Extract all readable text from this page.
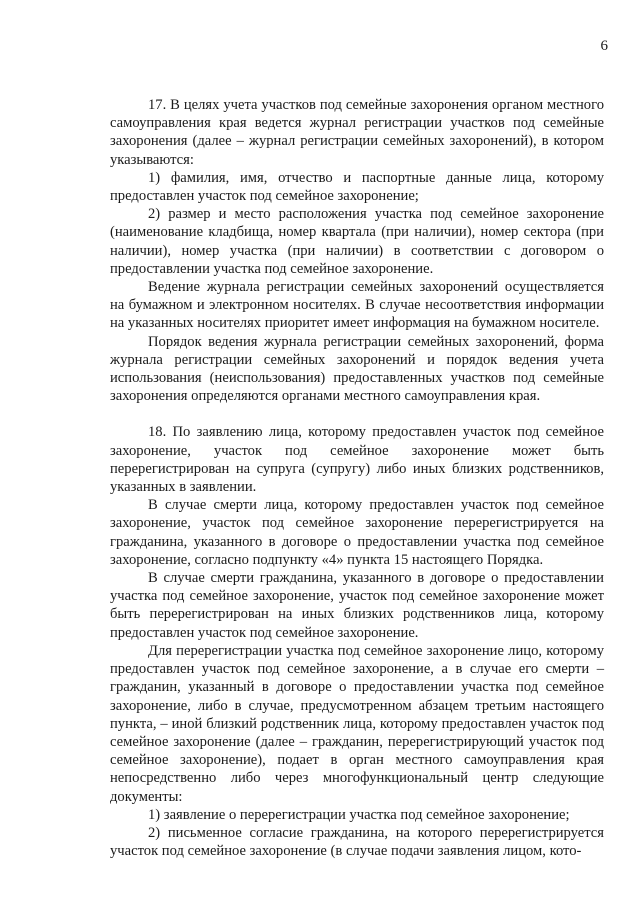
6

17. В целях учета участков под семейные захоронения органом местного самоуправления края ведется журнал регистрации участков под семейные захоронения (далее – журнал регистрации семейных захоронений), в котором указываются:

1) фамилия, имя, отчество и паспортные данные лица, которому предоставлен участок под семейное захоронение;

2) размер и место расположения участка под семейное захоронение (наименование кладбища, номер квартала (при наличии), номер сектора (при наличии), номер участка (при наличии) в соответствии с договором о предоставлении участка под семейное захоронение.

Ведение журнала регистрации семейных захоронений осуществляется на бумажном и электронном носителях. В случае несоответствия информации на указанных носителях приоритет имеет информация на бумажном носителе.

Порядок ведения журнала регистрации семейных захоронений, форма журнала регистрации семейных захоронений и порядок ведения учета использования (неиспользования) предоставленных участков под семейные захоронения определяются органами местного самоуправления края.

18. По заявлению лица, которому предоставлен участок под семейное захоронение, участок под семейное захоронение может быть перерегистрирован на супруга (супругу) либо иных близких родственников, указанных в заявлении.

В случае смерти лица, которому предоставлен участок под семейное захоронение, участок под семейное захоронение перерегистрируется на гражданина, указанного в договоре о предоставлении участка под семейное захоронение, согласно подпункту «4» пункта 15 настоящего Порядка.

В случае смерти гражданина, указанного в договоре о предоставлении участка под семейное захоронение, участок под семейное захоронение может быть перерегистрирован на иных близких родственников лица, которому предоставлен участок под семейное захоронение.

Для перерегистрации участка под семейное захоронение лицо, которому предоставлен участок под семейное захоронение, а в случае его смерти – гражданин, указанный в договоре о предоставлении участка под семейное захоронение, либо в случае, предусмотренном абзацем третьим настоящего пункта, – иной близкий родственник лица, которому предоставлен участок под семейное захоронение (далее – гражданин, перерегистрирующий участок под семейное захоронение), подает в орган местного самоуправления края непосредственно либо через многофункциональный центр следующие документы:

1) заявление о перерегистрации участка под семейное захоронение;

2) письменное согласие гражданина, на которого перерегистрируется участок под семейное захоронение (в случае подачи заявления лицом, кото-
